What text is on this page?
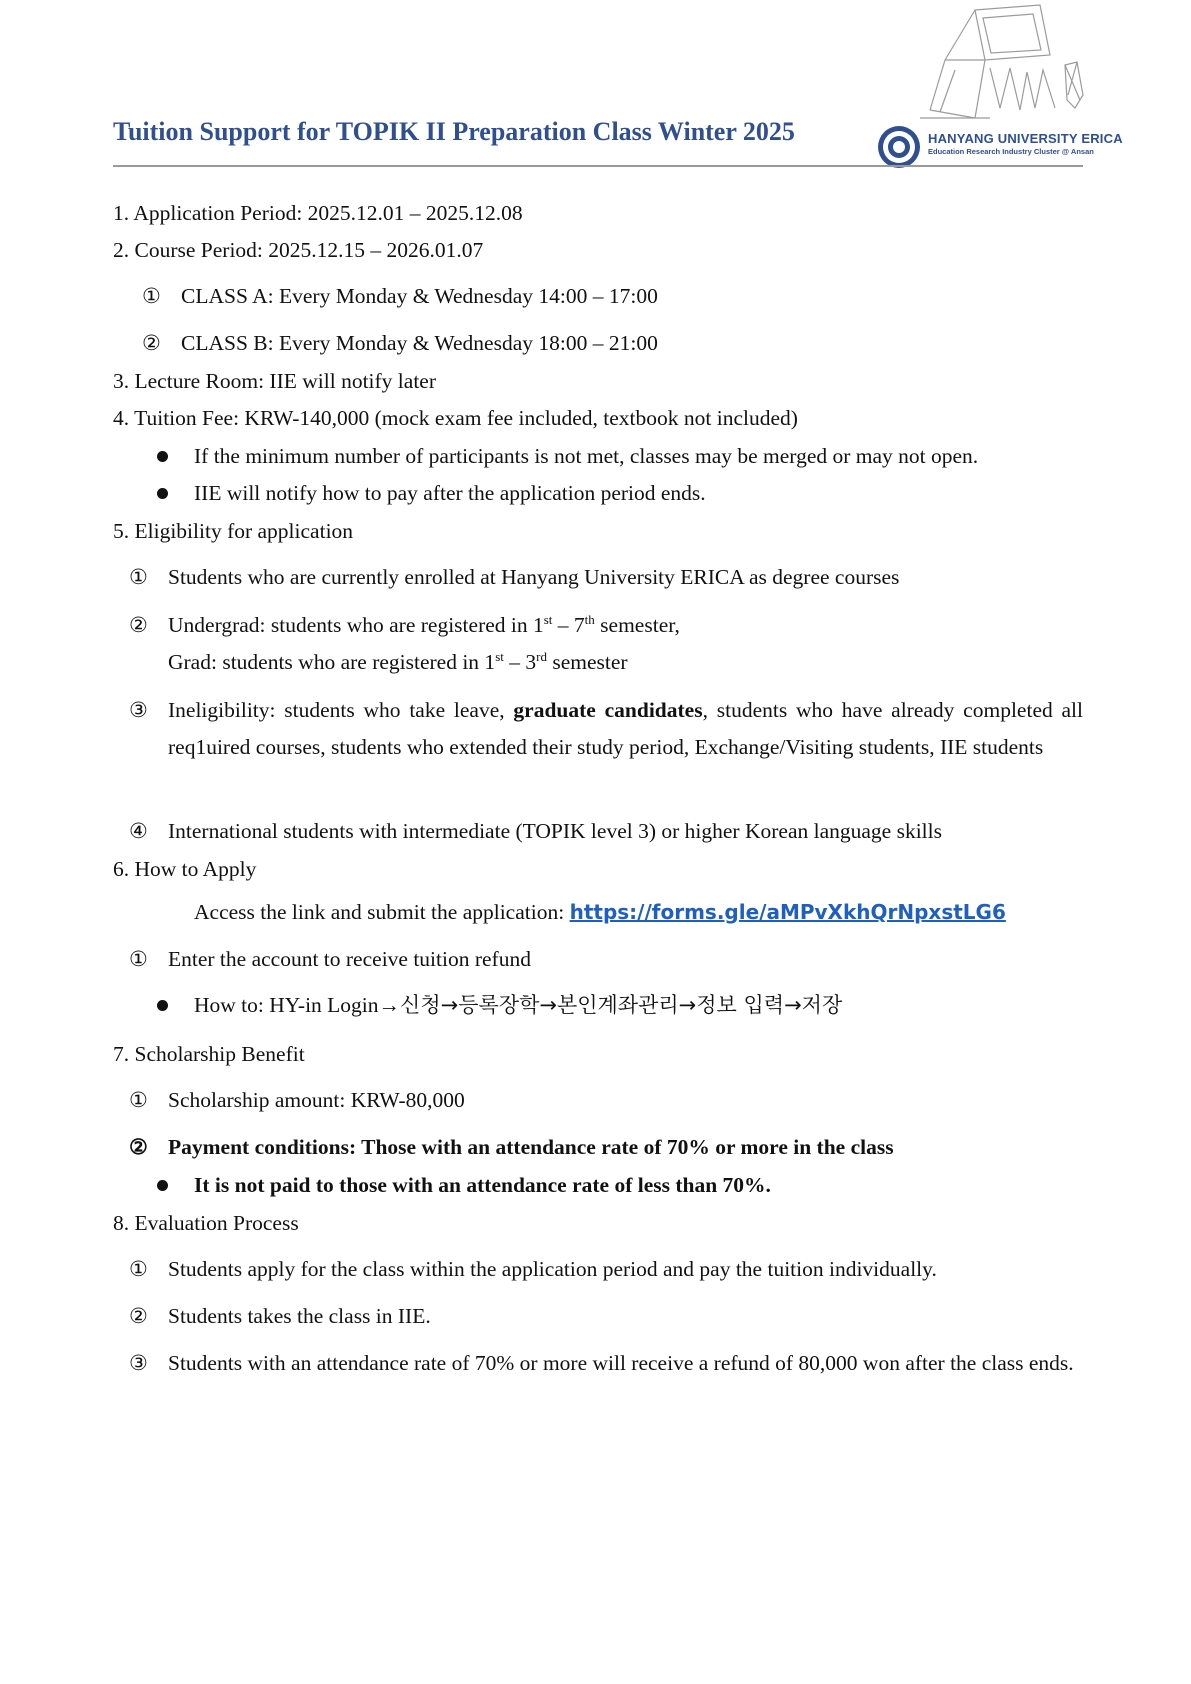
Tuition Support for TOPIK II Preparation Class Winter 2025	HANYANG UNIVERSITY ERICA
Education Research Industry Cluster @ Ansan
1. Application Period: 2025.12.01 – 2025.12.08
2. Course Period: 2025.12.15 – 2026.01.07
① CLASS A: Every Monday & Wednesday 14:00 – 17:00
② CLASS B: Every Monday & Wednesday 18:00 – 21:00
3. Lecture Room: IIE will notify later
4. Tuition Fee: KRW-140,000 (mock exam fee included, textbook not included)
If the minimum number of participants is not met, classes may be merged or may not open.
IIE will notify how to pay after the application period ends.
5. Eligibility for application
① Students who are currently enrolled at Hanyang University ERICA as degree courses
② Undergrad: students who are registered in 1st – 7th semester,
Grad: students who are registered in 1st – 3rd semester
③ Ineligibility: students who take leave, graduate candidates, students who have already completed all req1uired courses, students who extended their study period, Exchange/Visiting students, IIE students
④ International students with intermediate (TOPIK level 3) or higher Korean language skills
6. How to Apply
Access the link and submit the application: https://forms.gle/aMPvXkhQrNpxstLG6
① Enter the account to receive tuition refund
How to: HY-in Login→신청→등록장학→본인계좌관리→정보 입력→저장
7. Scholarship Benefit
① Scholarship amount: KRW-80,000
② Payment conditions: Those with an attendance rate of 70% or more in the class
It is not paid to those with an attendance rate of less than 70%.
8. Evaluation Process
① Students apply for the class within the application period and pay the tuition individually.
② Students takes the class in IIE.
③ Students with an attendance rate of 70% or more will receive a refund of 80,000 won after the class ends.
